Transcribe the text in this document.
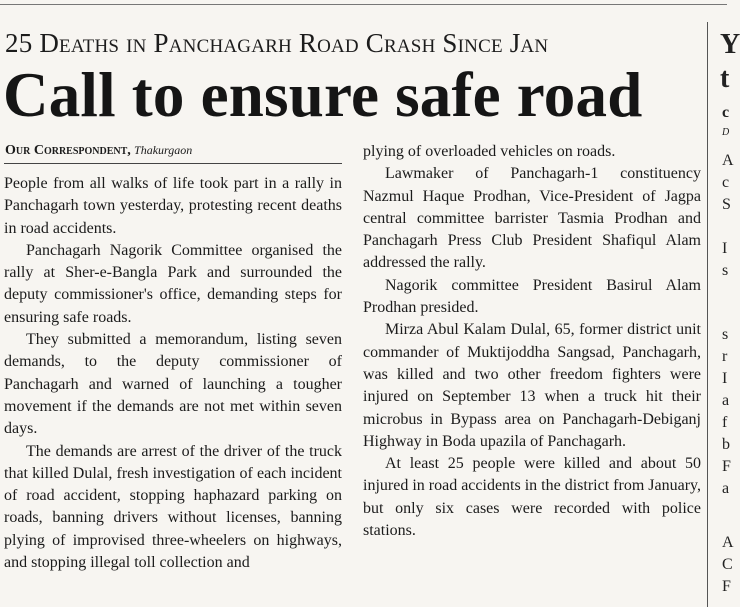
25 Deaths in Panchagarh Road Crash Since Jan
Call to ensure safe road
Our Correspondent, Thakurgaon

People from all walks of life took part in a rally in Panchagarh town yesterday, protesting recent deaths in road accidents.

Panchagarh Nagorik Committee organised the rally at Sher-e-Bangla Park and surrounded the deputy commissioner's office, demanding steps for ensuring safe roads.

They submitted a memorandum, listing seven demands, to the deputy commissioner of Panchagarh and warned of launching a tougher movement if the demands are not met within seven days.

The demands are arrest of the driver of the truck that killed Dulal, fresh investigation of each incident of road accident, stopping haphazard parking on roads, banning drivers without licenses, banning plying of improvised three-wheelers on highways, and stopping illegal toll collection and

plying of overloaded vehicles on roads.

Lawmaker of Panchagarh-1 constituency Nazmul Haque Prodhan, Vice-President of Jagpa central committee barrister Tasmia Prodhan and Panchagarh Press Club President Shafiqul Alam addressed the rally.

Nagorik committee President Basirul Alam Prodhan presided.

Mirza Abul Kalam Dulal, 65, former district unit commander of Muktijoddha Sangsad, Panchagarh, was killed and two other freedom fighters were injured on September 13 when a truck hit their microbus in Bypass area on Panchagarh-Debiganj Highway in Boda upazila of Panchagarh.

At least 25 people were killed and about 50 injured in road accidents in the district from January, but only six cases were recorded with police stations.

Y
t
c
D
A
c
S
I
s
s
r
I
a
f
b
F
a
A
C
F
